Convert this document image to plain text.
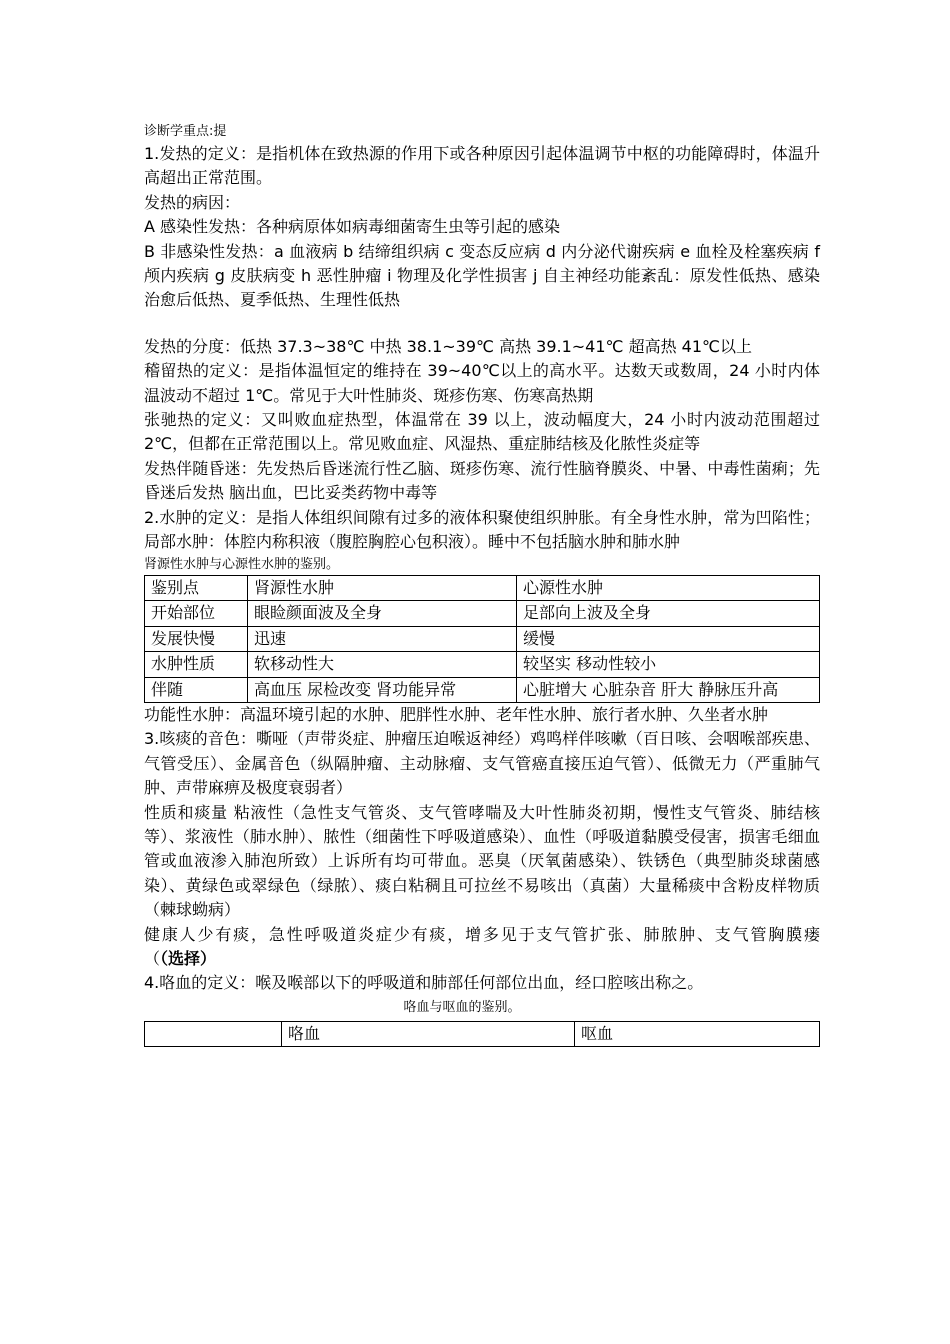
诊断学重点:提

1.发热的定义：是指机体在致热源的作用下或各种原因引起体温调节中枢的功能障碍时，体温升高超出正常范围。

发热的病因：

A 感染性发热：各种病原体如病毒细菌寄生虫等引起的感染

B 非感染性发热：a 血液病 b 结缔组织病 c 变态反应病 d 内分泌代谢疾病 e 血栓及栓塞疾病 f 颅内疾病 g 皮肤病变 h 恶性肿瘤 i 物理及化学性损害 j 自主神经功能紊乱：原发性低热、感染治愈后低热、夏季低热、生理性低热

发热的分度：低热 37.3~38℃ 中热 38.1~39℃ 高热 39.1~41℃ 超高热 41℃以上

稽留热的定义：是指体温恒定的维持在 39~40℃以上的高水平。达数天或数周，24 小时内体温波动不超过 1℃。常见于大叶性肺炎、斑疹伤寒、伤寒高热期

张驰热的定义：又叫败血症热型，体温常在 39 以上，波动幅度大，24 小时内波动范围超过 2℃，但都在正常范围以上。常见败血症、风湿热、重症肺结核及化脓性炎症等

发热伴随昏迷：先发热后昏迷流行性乙脑、斑疹伤寒、流行性脑脊膜炎、中暑、中毒性菌痢；先昏迷后发热 脑出血，巴比妥类药物中毒等

2.水肿的定义：是指人体组织间隙有过多的液体积聚使组织肿胀。有全身性水肿，常为凹陷性；局部水肿：体腔内称积液（腹腔胸腔心包积液）。睡中不包括脑水肿和肺水肿

肾源性水肿与心源性水肿的鉴别。

鉴别点	肾源性水肿	心源性水肿
开始部位	眼睑颜面波及全身	足部向上波及全身
发展快慢	迅速	缓慢
水肿性质	软移动性大	较坚实 移动性较小
伴随	高血压 尿检改变 肾功能异常	心脏增大 心脏杂音 肝大 静脉压升高

功能性水肿：高温环境引起的水肿、肥胖性水肿、老年性水肿、旅行者水肿、久坐者水肿

3.咳痰的音色：嘶哑（声带炎症、肿瘤压迫喉返神经）鸡鸣样伴咳嗽（百日咳、会咽喉部疾患、气管受压）、金属音色（纵隔肿瘤、主动脉瘤、支气管癌直接压迫气管）、低微无力（严重肺气肿、声带麻痹及极度衰弱者）

性质和痰量 粘液性（急性支气管炎、支气管哮喘及大叶性肺炎初期，慢性支气管炎、肺结核等）、浆液性（肺水肿）、脓性（细菌性下呼吸道感染）、血性（呼吸道黏膜受侵害，损害毛细血管或血液渗入肺泡所致）上诉所有均可带血。恶臭（厌氧菌感染）、铁锈色（典型肺炎球菌感染）、黄绿色或翠绿色（绿脓）、痰白粘稠且可拉丝不易咳出（真菌）大量稀痰中含粉皮样物质（棘球蚴病）

健康人少有痰，急性呼吸道炎症少有痰，增多见于支气管扩张、肺脓肿、支气管胸膜瘘（（选择）

4.咯血的定义：喉及喉部以下的呼吸道和肺部任何部位出血，经口腔咳出称之。

咯血与呕血的鉴别。

	咯血	呕血
